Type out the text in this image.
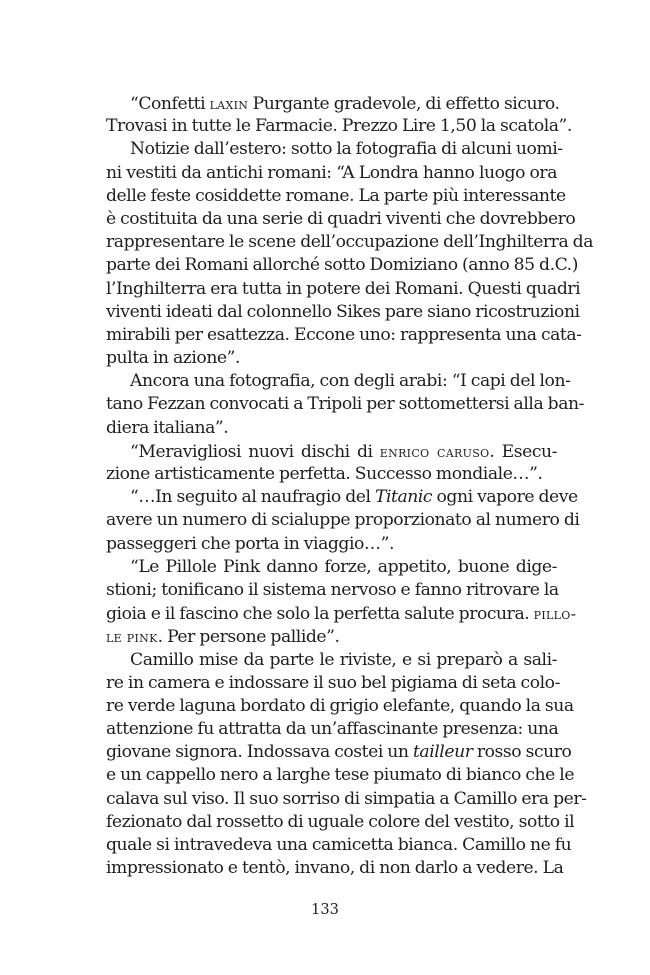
“Confetti laxin Purgante gradevole, di effetto sicuro.
Trovasi in tutte le Farmacie. Prezzo Lire 1,50 la scatola”.
Notizie dall’estero: sotto la fotografia di alcuni uomi-
ni vestiti da antichi romani: “A Londra hanno luogo ora
delle feste cosiddette romane. La parte più interessante
è costituita da una serie di quadri viventi che dovrebbero
rappresentare le scene dell’occupazione dell’Inghilterra da
parte dei Romani allorché sotto Domiziano (anno 85 d.C.)
l’Inghilterra era tutta in potere dei Romani. Questi quadri
viventi ideati dal colonnello Sikes pare siano ricostruzioni
mirabili per esattezza. Eccone uno: rappresenta una cata-
pulta in azione”.
Ancora una fotografia, con degli arabi: “I capi del lon-
tano Fezzan convocati a Tripoli per sottomettersi alla ban-
diera italiana”.
“Meravigliosi nuovi dischi di enrico caruso. Esecu-
zione artisticamente perfetta. Successo mondiale…”.
“…In seguito al naufragio del Titanic ogni vapore deve
avere un numero di scialuppe proporzionato al numero di
passeggeri che porta in viaggio…”.
“Le Pillole Pink danno forze, appetito, buone dige-
stioni; tonificano il sistema nervoso e fanno ritrovare la
gioia e il fascino che solo la perfetta salute procura. pillo-
le pink. Per persone pallide”.
Camillo mise da parte le riviste, e si preparò a sali-
re in camera e indossare il suo bel pigiama di seta colo-
re verde laguna bordato di grigio elefante, quando la sua
attenzione fu attratta da un’affascinante presenza: una
giovane signora. Indossava costei un tailleur rosso scuro
e un cappello nero a larghe tese piumato di bianco che le
calava sul viso. Il suo sorriso di simpatia a Camillo era per-
fezionato dal rossetto di uguale colore del vestito, sotto il
quale si intravedeva una camicetta bianca. Camillo ne fu
impressionato e tentò, invano, di non darlo a vedere. La
133
